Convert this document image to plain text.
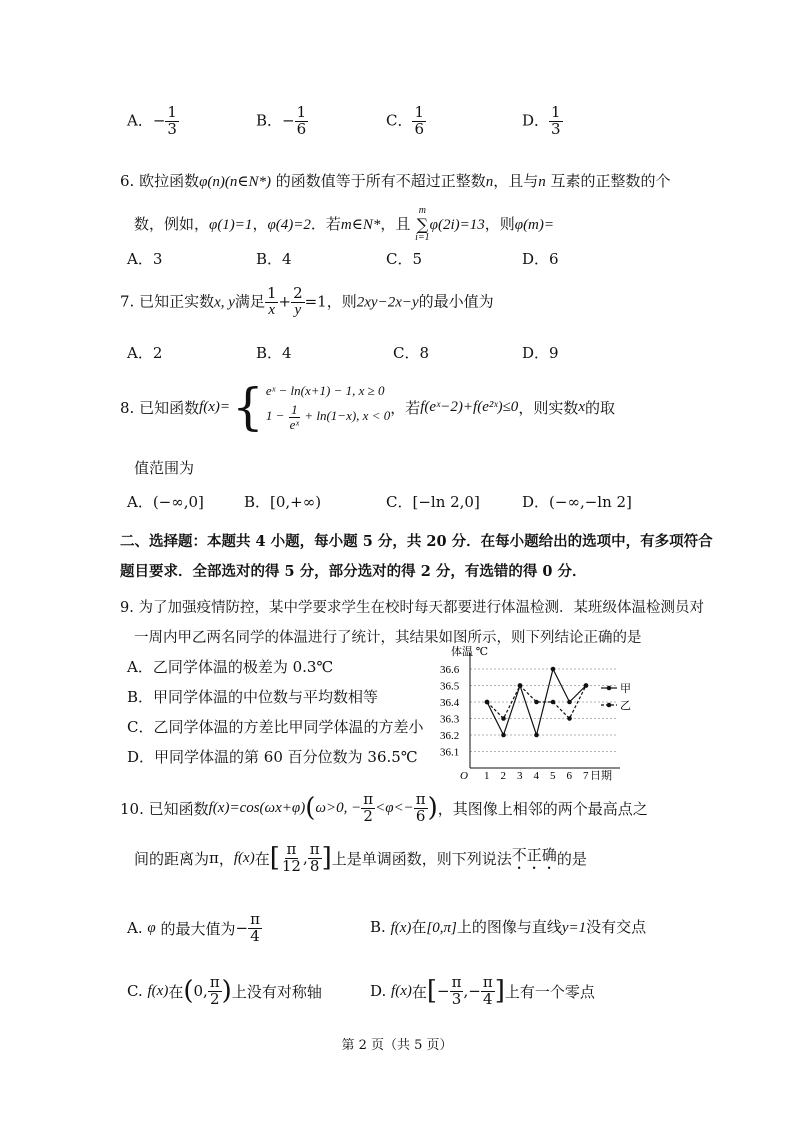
A．− $\frac{1}{3}$	B．− $\frac{1}{6}$	C． $\frac{1}{6}$	D． $\frac{1}{3}$
6. 欧拉函数φ(n)(n∈N*) 的函数值等于所有不超过正整数n，且与n 互素的正整数的个
数，例如，φ(1)=1，φ(4)=2．若m∈N*，且
m
∑
i=1
φ(2i)=13，则φ(m)=
A．3	B．4	C．5	D．6
7. 已知正实数x, y满足 $\frac{1}{x} + \frac{2}{y} =1$，则2xy−2x−y的最小值为
A．2	B．4	C．8	D．9
8. 已知函数 f(x)= { eˣ − ln(x+1) − 1, x ≥ 0
$1 - \frac{1}{\text{eˣ}} + \ln(1-x)$, x < 0 ，若 f(eˣ−2)+f(e²ˣ)≤0 ，则实数 x 的取
值范围为
A．(−∞,0]	B．[0,+∞)	C．[−ln 2,0]	D．(−∞,−ln 2]
二、选择题：本题共 4 小题，每小题 5 分，共 20 分．在每小题给出的选项中，有多项符合
题目要求．全部选对的得 5 分，部分选对的得 2 分，有选错的得 0 分．
9. 为了加强疫情防控，某中学要求学生在校时每天都要进行体温检测．某班级体温检测员对
一周内甲乙两名同学的体温进行了统计，其结果如图所示，则下列结论正确的是
A．乙同学体温的极差为 0.3℃
B．甲同学体温的中位数与平均数相等
C．乙同学体温的方差比甲同学体温的方差小
D．甲同学体温的第 60 百分位数为 36.5℃
体温 ℃
O	日期
36.6
36.5
36.4
36.3
36.2
36.1
1 2 3 4 5 6 7
甲
乙
10. 已知函数 f(x)=cos(ωx+φ) ( ω>0, − $\frac{\pi}{2} <\varphi<- \frac{\pi}{6}$ ) ，其图像上相邻的两个最高点之
间的距离为 π ， f(x) 在 [ $\frac{\pi}{12}$ , $\frac{\pi}{8}$ ] 上是单调函数，则下列说法 不正确 的是
A.
φ
的最大值为 − $\frac{\pi}{4}$	B. f(x)在[0,π]上的图像与直线y=1没有交点
C.
f(x) 在 ( 0, $\frac{\pi}{2}$ ) 上没有对称轴	D.
f(x) 在 [ − $\frac{\pi}{3}$ ,− $\frac{\pi}{4}$ ] 上有一个零点
第 2 页（共 5 页）
